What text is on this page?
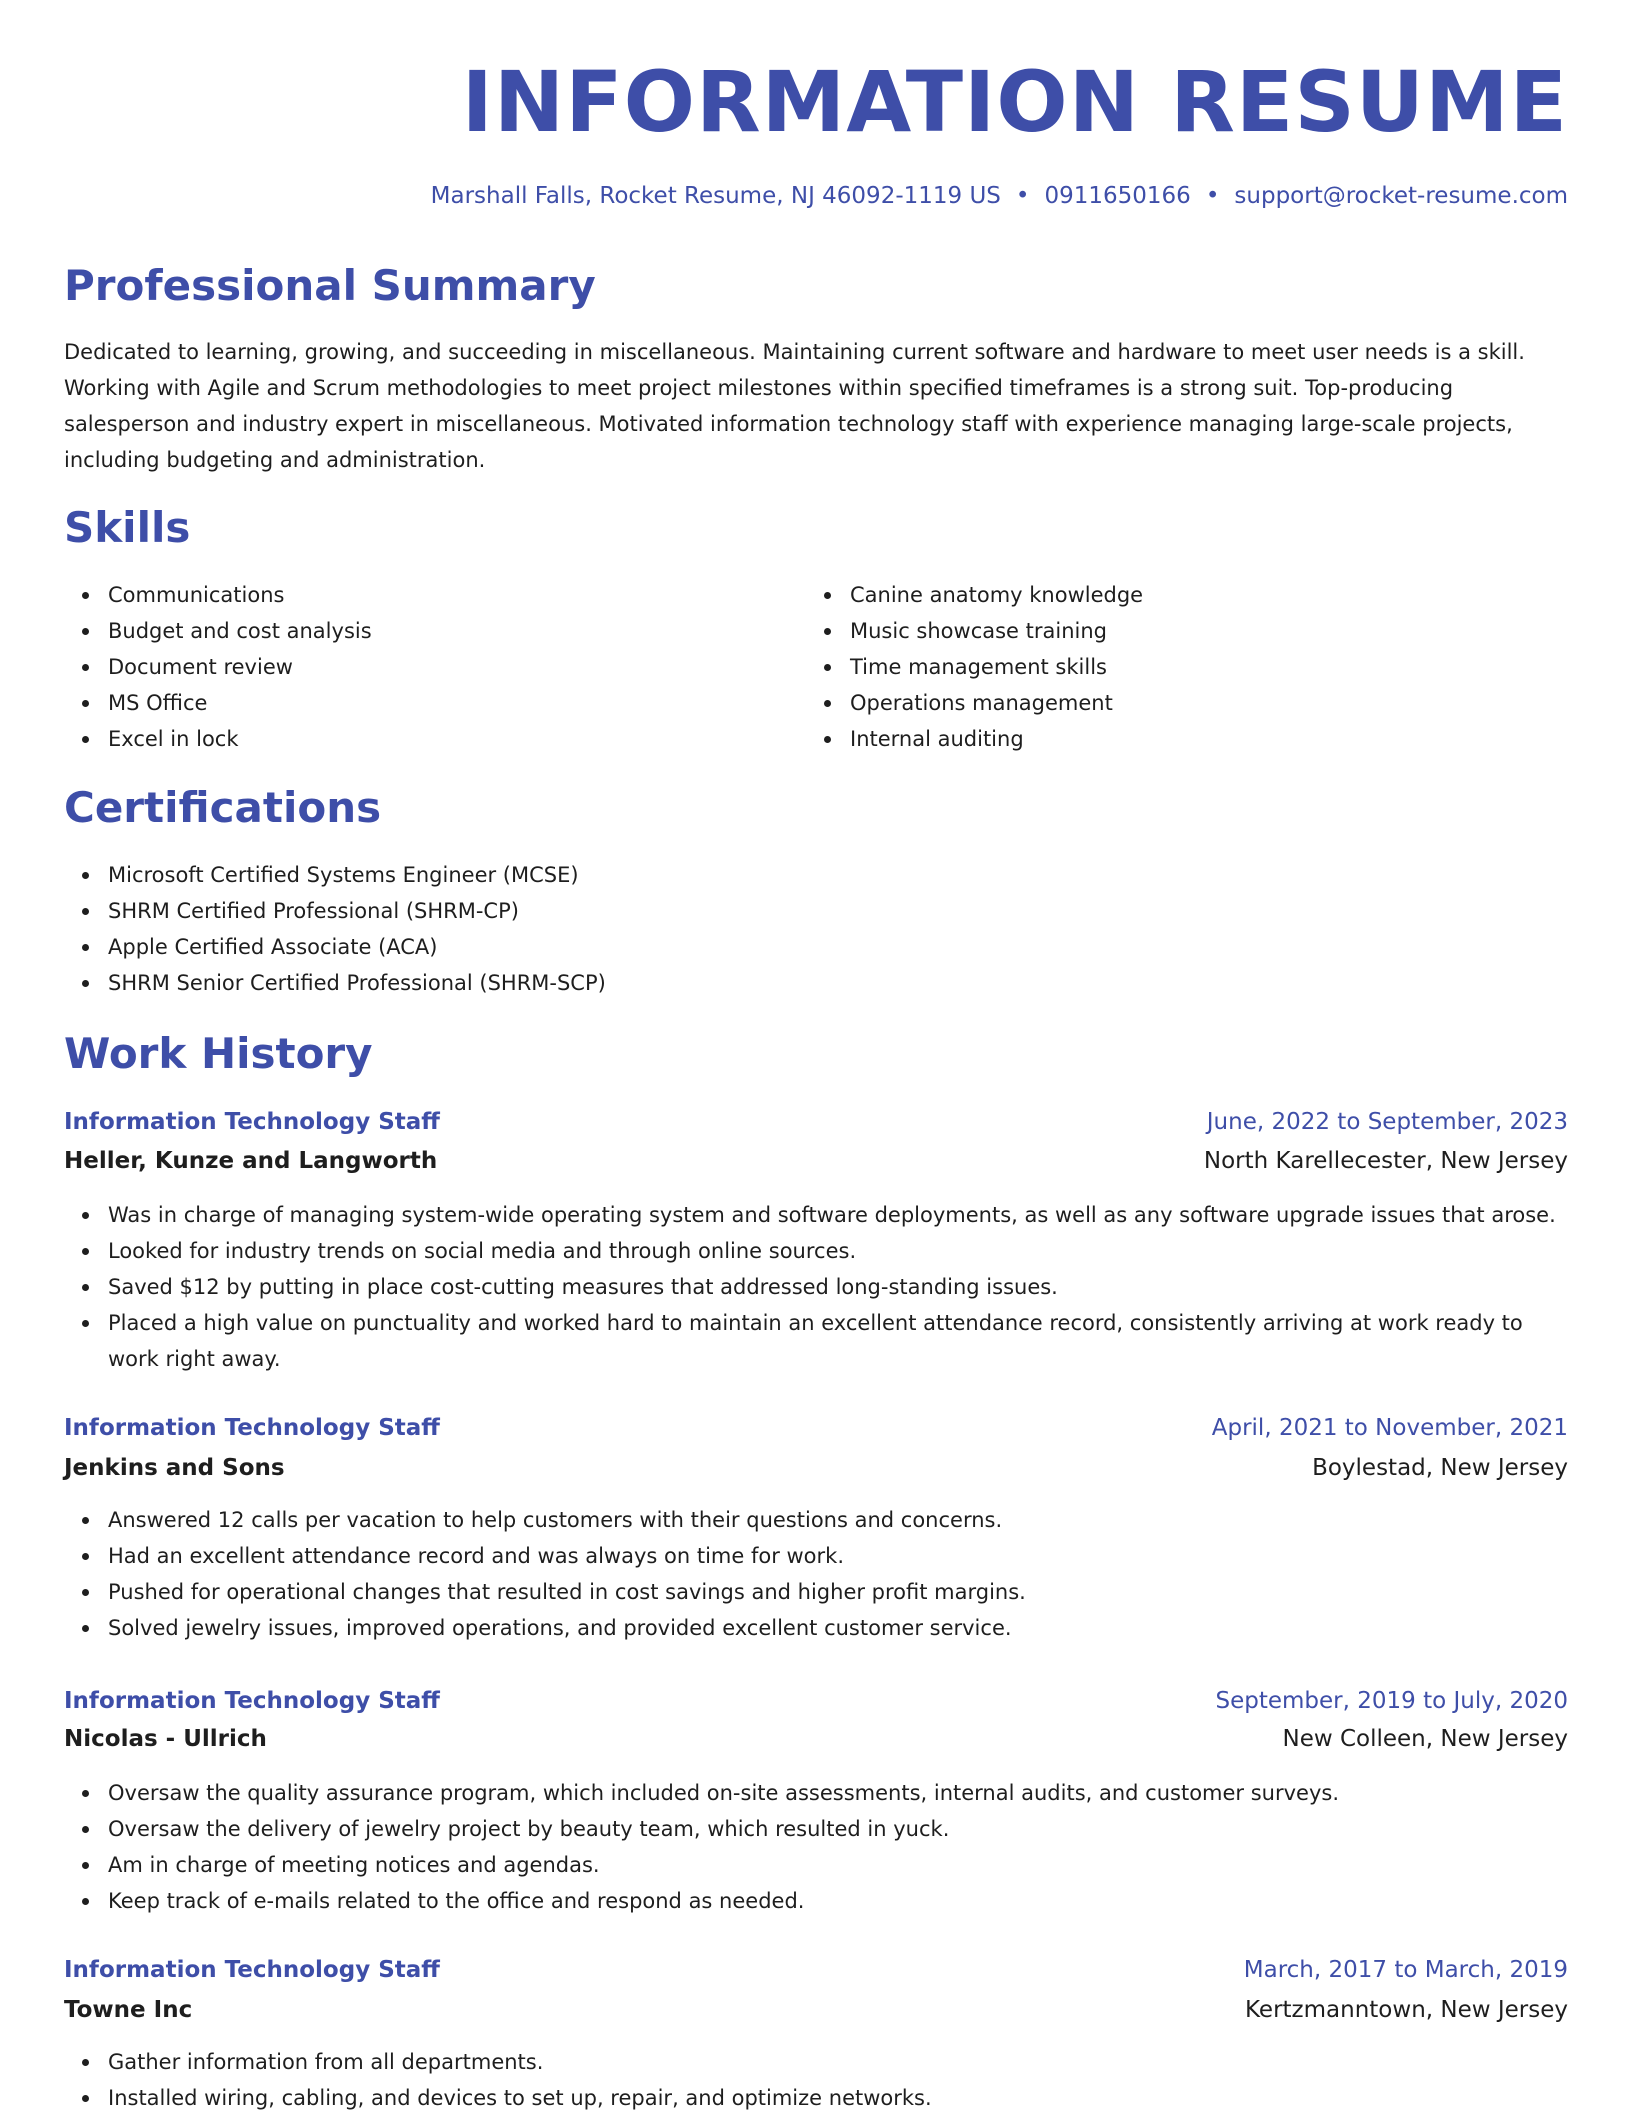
INFORMATION RESUME
Marshall Falls, Rocket Resume, NJ 46092-1119 US • 0911650166 • support@rocket-resume.com
Professional Summary

Dedicated to learning, growing, and succeeding in miscellaneous. Maintaining current software and hardware to meet user needs is a skill. Working with Agile and Scrum methodologies to meet project milestones within specified timeframes is a strong suit. Top-producing salesperson and industry expert in miscellaneous. Motivated information technology staff with experience managing large-scale projects, including budgeting and administration.

Skills
Communications
Budget and cost analysis
Document review
MS Office
Excel in lock
Canine anatomy knowledge
Music showcase training
Time management skills
Operations management
Internal auditing
Certifications
Microsoft Certified Systems Engineer (MCSE)
SHRM Certified Professional (SHRM-CP)
Apple Certified Associate (ACA)
SHRM Senior Certified Professional (SHRM-SCP)
Work History
Information Technology Staff	June, 2022 to September, 2023
Heller, Kunze and Langworth	North Karellecester, New Jersey
Was in charge of managing system-wide operating system and software deployments, as well as any software upgrade issues that arose.
Looked for industry trends on social media and through online sources.
Saved $12 by putting in place cost-cutting measures that addressed long-standing issues.
Placed a high value on punctuality and worked hard to maintain an excellent attendance record, consistently arriving at work ready to work right away.
Information Technology Staff	April, 2021 to November, 2021
Jenkins and Sons	Boylestad, New Jersey
Answered 12 calls per vacation to help customers with their questions and concerns.
Had an excellent attendance record and was always on time for work.
Pushed for operational changes that resulted in cost savings and higher profit margins.
Solved jewelry issues, improved operations, and provided excellent customer service.
Information Technology Staff	September, 2019 to July, 2020
Nicolas - Ullrich	New Colleen, New Jersey
Oversaw the quality assurance program, which included on-site assessments, internal audits, and customer surveys.
Oversaw the delivery of jewelry project by beauty team, which resulted in yuck.
Am in charge of meeting notices and agendas.
Keep track of e-mails related to the office and respond as needed.
Information Technology Staff	March, 2017 to March, 2019
Towne Inc	Kertzmanntown, New Jersey
Gather information from all departments.
Installed wiring, cabling, and devices to set up, repair, and optimize networks.
